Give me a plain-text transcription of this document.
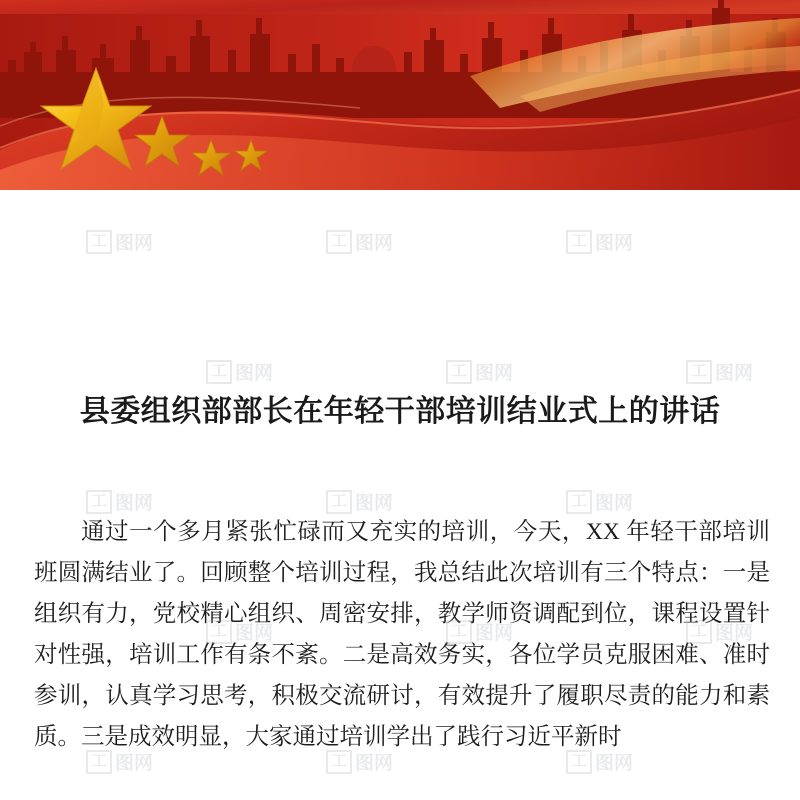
县委组织部部长在年轻干部培训结业式上的讲话
通过一个多月紧张忙碌而又充实的培训，今天，XX 年轻干部培训班圆满结业了。回顾整个培训过程，我总结此次培训有三个特点：一是组织有力，党校精心组织、周密安排，教学师资调配到位，课程设置针对性强，培训工作有条不紊。二是高效务实，各位学员克服困难、准时参训，认真学习思考，积极交流研讨，有效提升了履职尽责的能力和素质。三是成效明显，大家通过培训学出了践行习近平新时
工 图网	工 图网	工 图网
工 图网	工 图网	工 图网
工 图网	工 图网	工 图网
工 图网	工 图网	工 图网
工 图网	工 图网	工 图网
